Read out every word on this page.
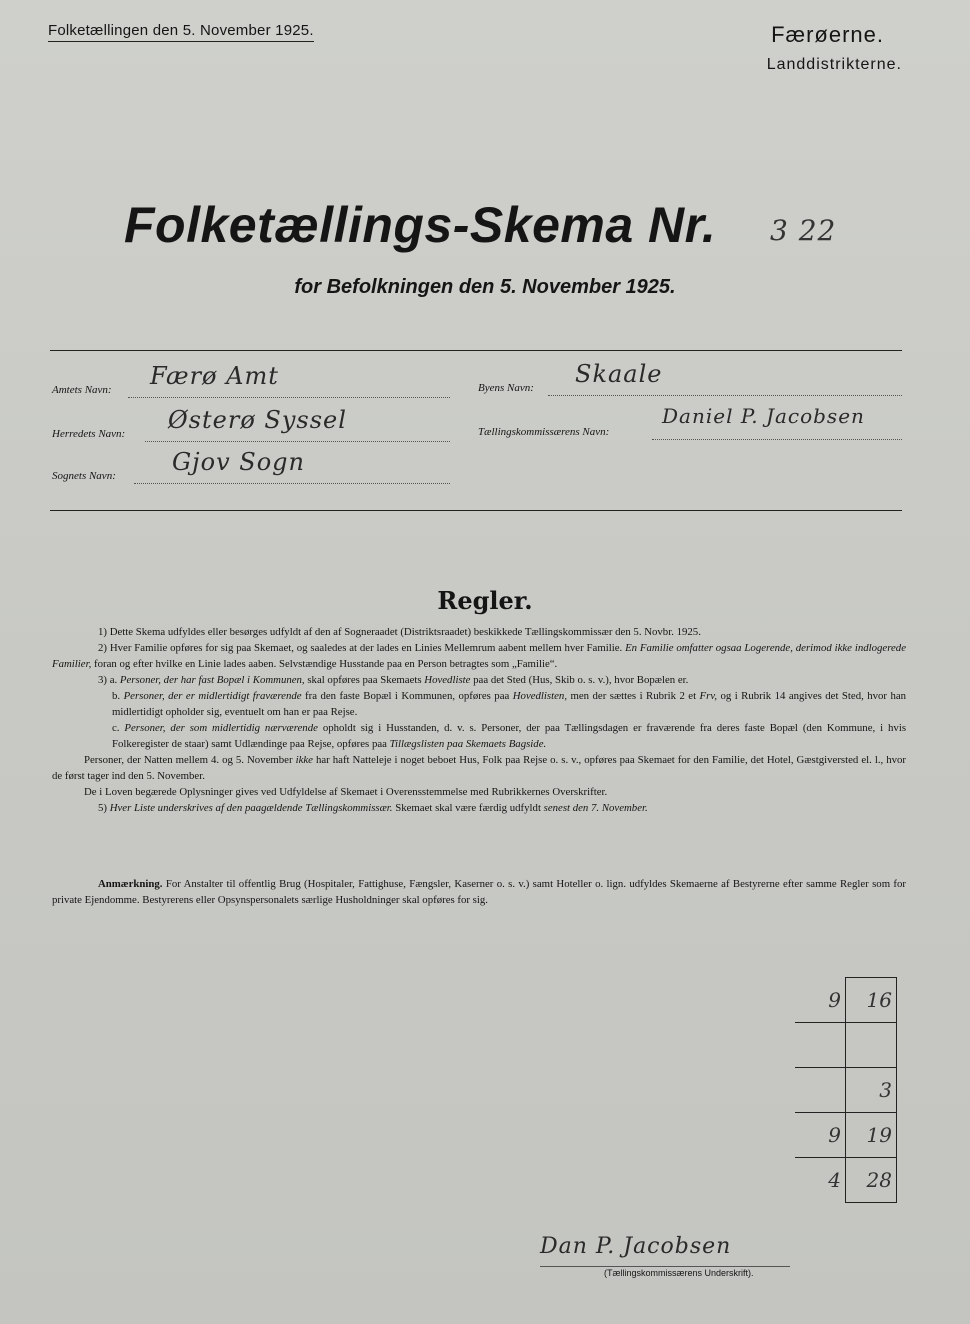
Folketællingen den 5. November 1925.	Færøerne.
Landdistrikterne.
Folketællings-Skema Nr. 3 22
for Befolkningen den 5. November 1925.
Amtets Navn: Færø Amt
Herredets Navn: Østerø Syssel
Sognets Navn: Gjov Sogn
Byens Navn: Skaale
Tællingskommissærens Navn:
Daniel P. Jacobsen
Regler.

1) Dette Skema udfyldes eller besørges udfyldt af den af Sogneraadet (Distriktsraadet) beskikkede Tællingskommissær den 5. Novbr. 1925.

2) Hver Familie opføres for sig paa Skemaet, og saaledes at der lades en Linies Mellemrum aabent mellem hver Familie. En Familie omfatter ogsaa Logerende, derimod ikke indlogerede Familier, foran og efter hvilke en Linie lades aaben. Selvstændige Husstande paa en Person betragtes som „Familie“.

3) a. Personer, der har fast Bopæl i Kommunen, skal opføres paa Skemaets Hovedliste paa det Sted (Hus, Skib o. s. v.), hvor Bopælen er.

b. Personer, der er midlertidigt fraværende fra den faste Bopæl i Kommunen, opføres paa Hovedlisten, men der sættes i Rubrik 2 et Frv, og i Rubrik 14 angives det Sted, hvor han midlertidigt opholder sig, eventuelt om han er paa Rejse.

c. Personer, der som midlertidig nærværende opholdt sig i Husstanden, d. v. s. Personer, der paa Tællingsdagen er fraværende fra deres faste Bopæl (den Kommune, i hvis Folkeregister de staar) samt Udlændinge paa Rejse, opføres paa Tillægslisten paa Skemaets Bagside.

Personer, der Natten mellem 4. og 5. November ikke har haft Natteleje i noget beboet Hus, Folk paa Rejse o. s. v., opføres paa Skemaet for den Familie, det Hotel, Gæstgiversted el. l., hvor de først tager ind den 5. November.

De i Loven begærede Oplysninger gives ved Udfyldelse af Skemaet i Overensstemmelse med Rubrikkernes Overskrifter.

5) Hver Liste underskrives af den paagældende Tællingskommissær. Skemaet skal være færdig udfyldt senest den 7. November.

Anmærkning. For Anstalter til offentlig Brug (Hospitaler, Fattighuse, Fængsler, Kaserner o. s. v.) samt Hoteller o. lign. udfyldes Skemaerne af Bestyrerne efter samme Regler som for private Ejendomme. Bestyrerens eller Opsynspersonalets særlige Husholdninger skal opføres for sig.
9	16

	3
9	19
4	28
Dan P. Jacobsen
(Tællingskommissærens Underskrift).
